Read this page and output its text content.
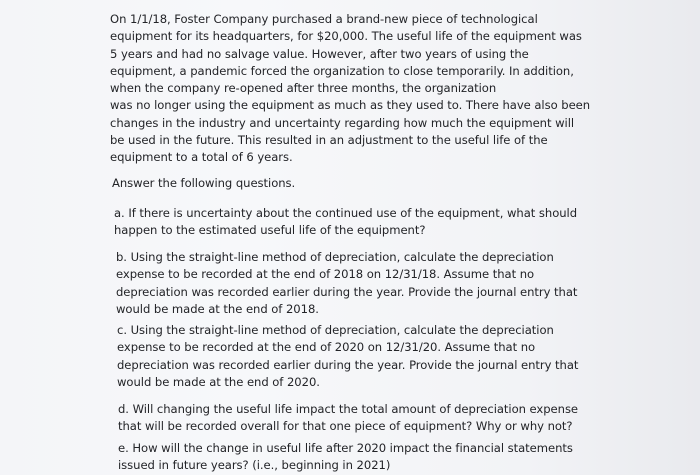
On 1/1/18, Foster Company purchased a brand-new piece of technological
equipment for its headquarters, for $20,000. The useful life of the equipment was
5 years and had no salvage value. However, after two years of using the
equipment, a pandemic forced the organization to close temporarily. In addition,
when the company re-opened after three months, the organization
was no longer using the equipment as much as they used to. There have also been
changes in the industry and uncertainty regarding how much the equipment will
be used in the future. This resulted in an adjustment to the useful life of the
equipment to a total of 6 years.
Answer the following questions.
a. If there is uncertainty about the continued use of the equipment, what should
happen to the estimated useful life of the equipment?
b. Using the straight-line method of depreciation, calculate the depreciation
expense to be recorded at the end of 2018 on 12/31/18. Assume that no
depreciation was recorded earlier during the year. Provide the journal entry that
would be made at the end of 2018.
c. Using the straight-line method of depreciation, calculate the depreciation
expense to be recorded at the end of 2020 on 12/31/20. Assume that no
depreciation was recorded earlier during the year. Provide the journal entry that
would be made at the end of 2020.
d. Will changing the useful life impact the total amount of depreciation expense
that will be recorded overall for that one piece of equipment? Why or why not?
e. How will the change in useful life after 2020 impact the financial statements
issued in future years? (i.e., beginning in 2021)
